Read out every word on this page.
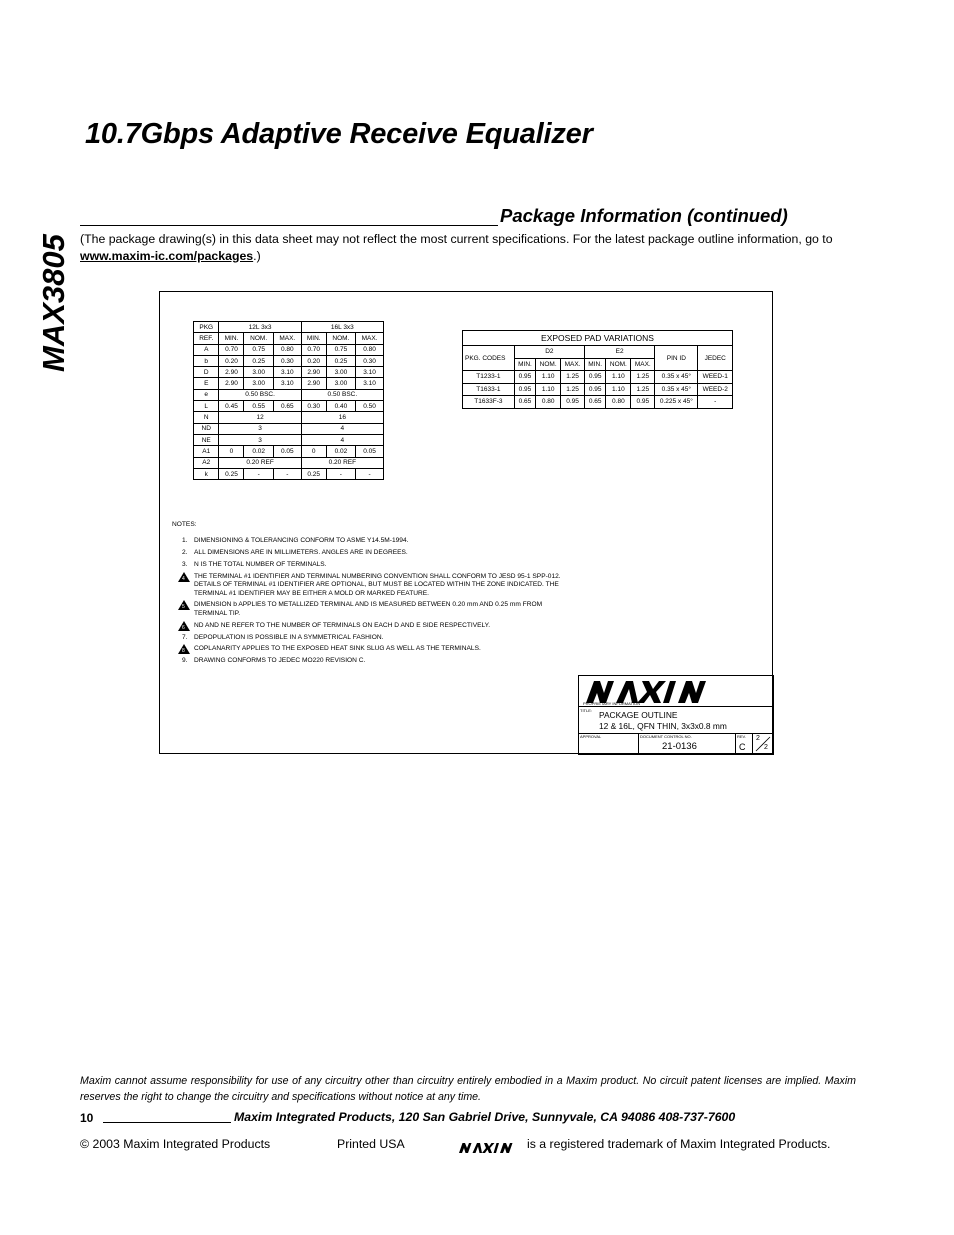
MAX3805
10.7Gbps Adaptive Receive Equalizer
Package Information (continued)
(The package drawing(s) in this data sheet may not reflect the most current specifications. For the latest package outline information, go to www.maxim-ic.com/packages.)
PKG	12L 3x3			16L 3x3		
REF.	MIN.	NOM.	MAX.	MIN.	NOM.	MAX.
A	0.70	0.75	0.80	0.70	0.75	0.80
b	0.20	0.25	0.30	0.20	0.25	0.30
D	2.90	3.00	3.10	2.90	3.00	3.10
E	2.90	3.00	3.10	2.90	3.00	3.10
e	0.50 BSC.			0.50 BSC.		
L	0.45	0.55	0.65	0.30	0.40	0.50
N	12			16		
ND	3			4		
NE	3			4		
A1	0	0.02	0.05	0	0.02	0.05
A2	0.20 REF			0.20 REF		
k	0.25	-	-	0.25	-	-
EXPOSED PAD VARIATIONS								
PKG. CODES	D2			E2			PIN ID	JEDEC
	MIN.	NOM.	MAX.	MIN.	NOM.	MAX.		
T1233-1	0.95	1.10	1.25	0.95	1.10	1.25	0.35 x 45°	WEED-1
T1633-1	0.95	1.10	1.25	0.95	1.10	1.25	0.35 x 45°	WEED-2
T1633F-3	0.65	0.80	0.95	0.65	0.80	0.95	0.225 x 45°	-
NOTES:
1. DIMENSIONING & TOLERANCING CONFORM TO ASME Y14.5M-1994.
2. ALL DIMENSIONS ARE IN MILLIMETERS. ANGLES ARE IN DEGREES.
3. N IS THE TOTAL NUMBER OF TERMINALS.
4 THE TERMINAL #1 IDENTIFIER AND TERMINAL NUMBERING CONVENTION SHALL CONFORM TO JESD 95-1 SPP-012. DETAILS OF TERMINAL #1 IDENTIFIER ARE OPTIONAL, BUT MUST BE LOCATED WITHIN THE ZONE INDICATED. THE TERMINAL #1 IDENTIFIER MAY BE EITHER A MOLD OR MARKED FEATURE.
5 DIMENSION b APPLIES TO METALLIZED TERMINAL AND IS MEASURED BETWEEN 0.20 mm AND 0.25 mm FROM TERMINAL TIP.
6 ND AND NE REFER TO THE NUMBER OF TERMINALS ON EACH D AND E SIDE RESPECTIVELY.
7. DEPOPULATION IS POSSIBLE IN A SYMMETRICAL FASHION.
8 COPLANARITY APPLIES TO THE EXPOSED HEAT SINK SLUG AS WELL AS THE TERMINALS.
9. DRAWING CONFORMS TO JEDEC MO220 REVISION C.
PROPRIETARY INFORMATION
TITLE: PACKAGE OUTLINE
12 & 16L, QFN THIN, 3x3x0.8 mm
APPROVAL	DOCUMENT CONTROL NO.	REV.
21-0136	C
2
2
Maxim cannot assume responsibility for use of any circuitry other than circuitry entirely embodied in a Maxim product. No circuit patent licenses are implied. Maxim reserves the right to change the circuitry and specifications without notice at any time.
10	Maxim Integrated Products, 120 San Gabriel Drive, Sunnyvale, CA 94086 408-737-7600
© 2003 Maxim Integrated Products	Printed USA	is a registered trademark of Maxim Integrated Products.
